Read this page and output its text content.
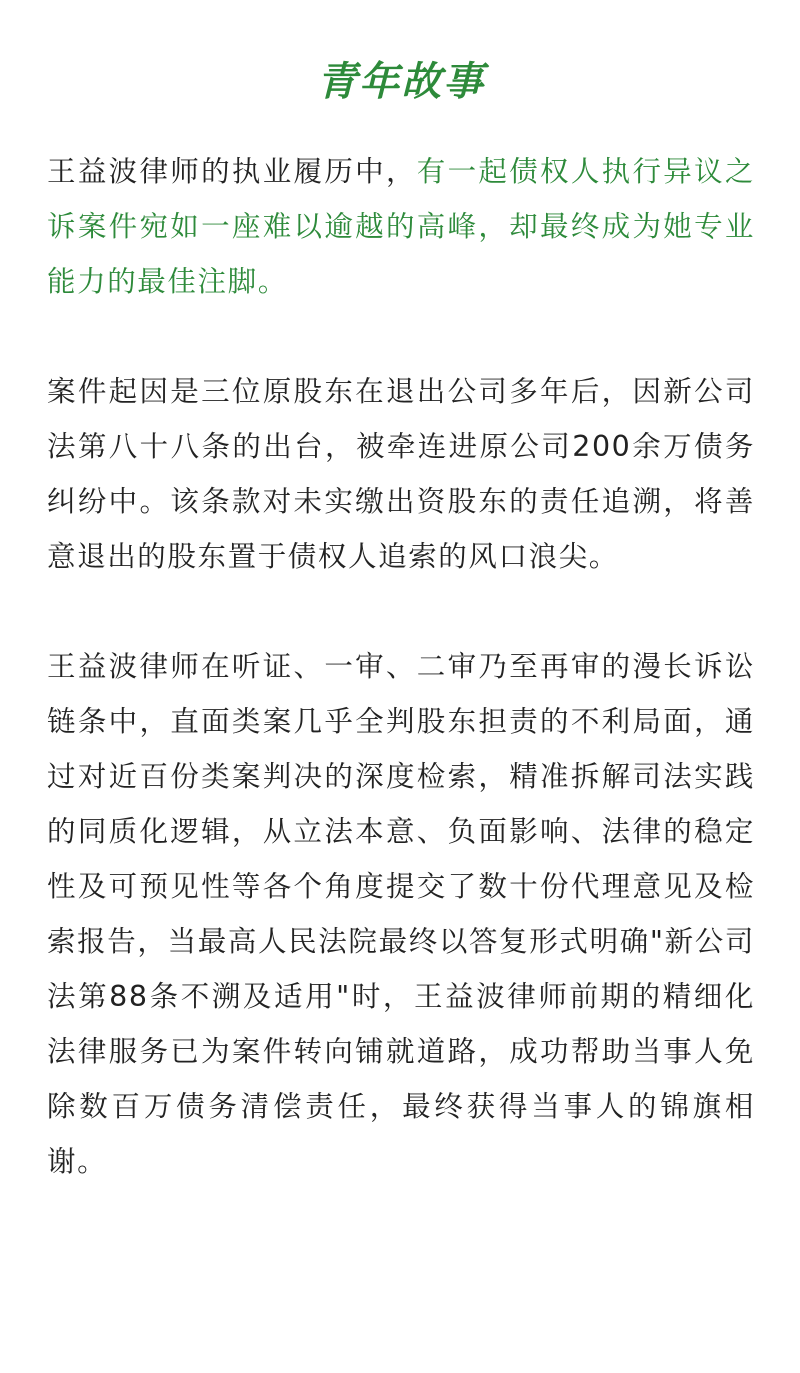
青年故事

王益波律师的执业履历中，有一起债权人执行异议之诉案件宛如一座难以逾越的高峰，却最终成为她专业能力的最佳注脚。

案件起因是三位原股东在退出公司多年后，因新公司法第八十八条的出台，被牵连进原公司200余万债务纠纷中。该条款对未实缴出资股东的责任追溯，将善意退出的股东置于债权人追索的风口浪尖。

王益波律师在听证、一审、二审乃至再审的漫长诉讼链条中，直面类案几乎全判股东担责的不利局面，通过对近百份类案判决的深度检索，精准拆解司法实践的同质化逻辑，从立法本意、负面影响、法律的稳定性及可预见性等各个角度提交了数十份代理意见及检索报告，当最高人民法院最终以答复形式明确"新公司法第88条不溯及适用"时，王益波律师前期的精细化法律服务已为案件转向铺就道路，成功帮助当事人免除数百万债务清偿责任，最终获得当事人的锦旗相谢。
